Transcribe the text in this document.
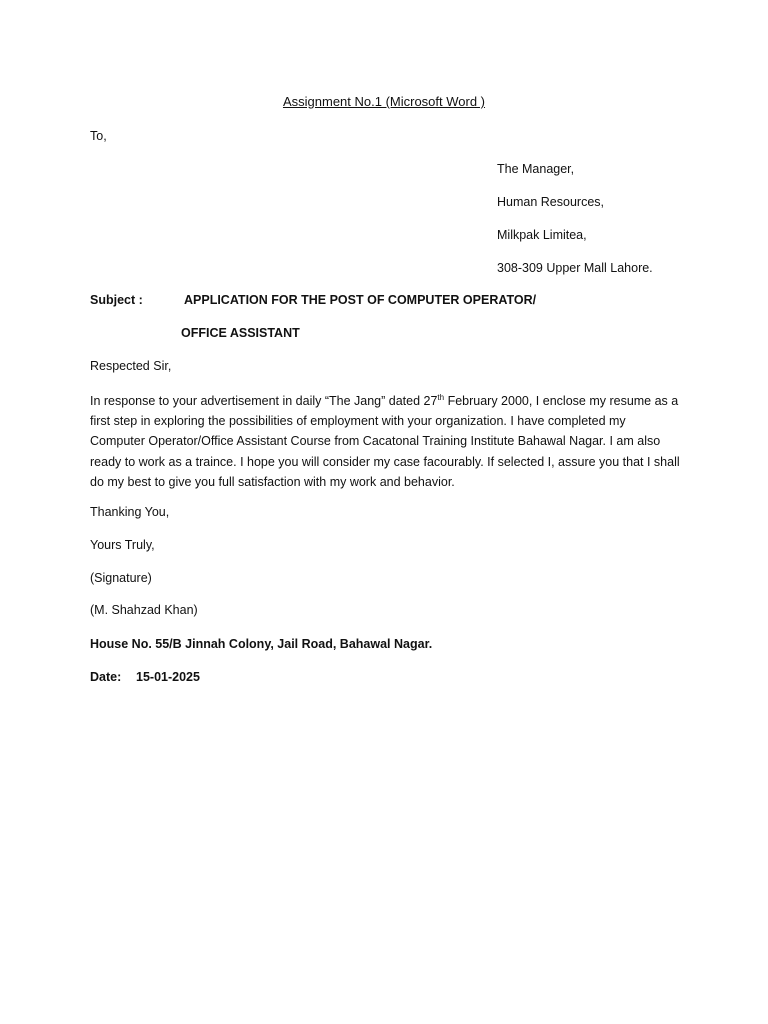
Assignment No.1 (Microsoft Word )
To,
The Manager,
Human Resources,
Milkpak Limitea,
308-309 Upper Mall Lahore.
Subject :	APPLICATION FOR THE POST OF COMPUTER OPERATOR/
OFFICE ASSISTANT
Respected Sir,
In response to your advertisement in daily “The Jang” dated 27th February 2000, I enclose my resume as a first step in exploring the possibilities of employment with your organization. I have completed my Computer Operator/Office Assistant Course from Cacatonal Training Institute Bahawal Nagar. I am also ready to work as a traince. I hope you will consider my case facourably. If selected I, assure you that I shall do my best to give you full satisfaction with my work and behavior.
Thanking You,
Yours Truly,
(Signature)
(M. Shahzad Khan)
House No. 55/B Jinnah Colony, Jail Road, Bahawal Nagar.
Date: 15-01-2025
